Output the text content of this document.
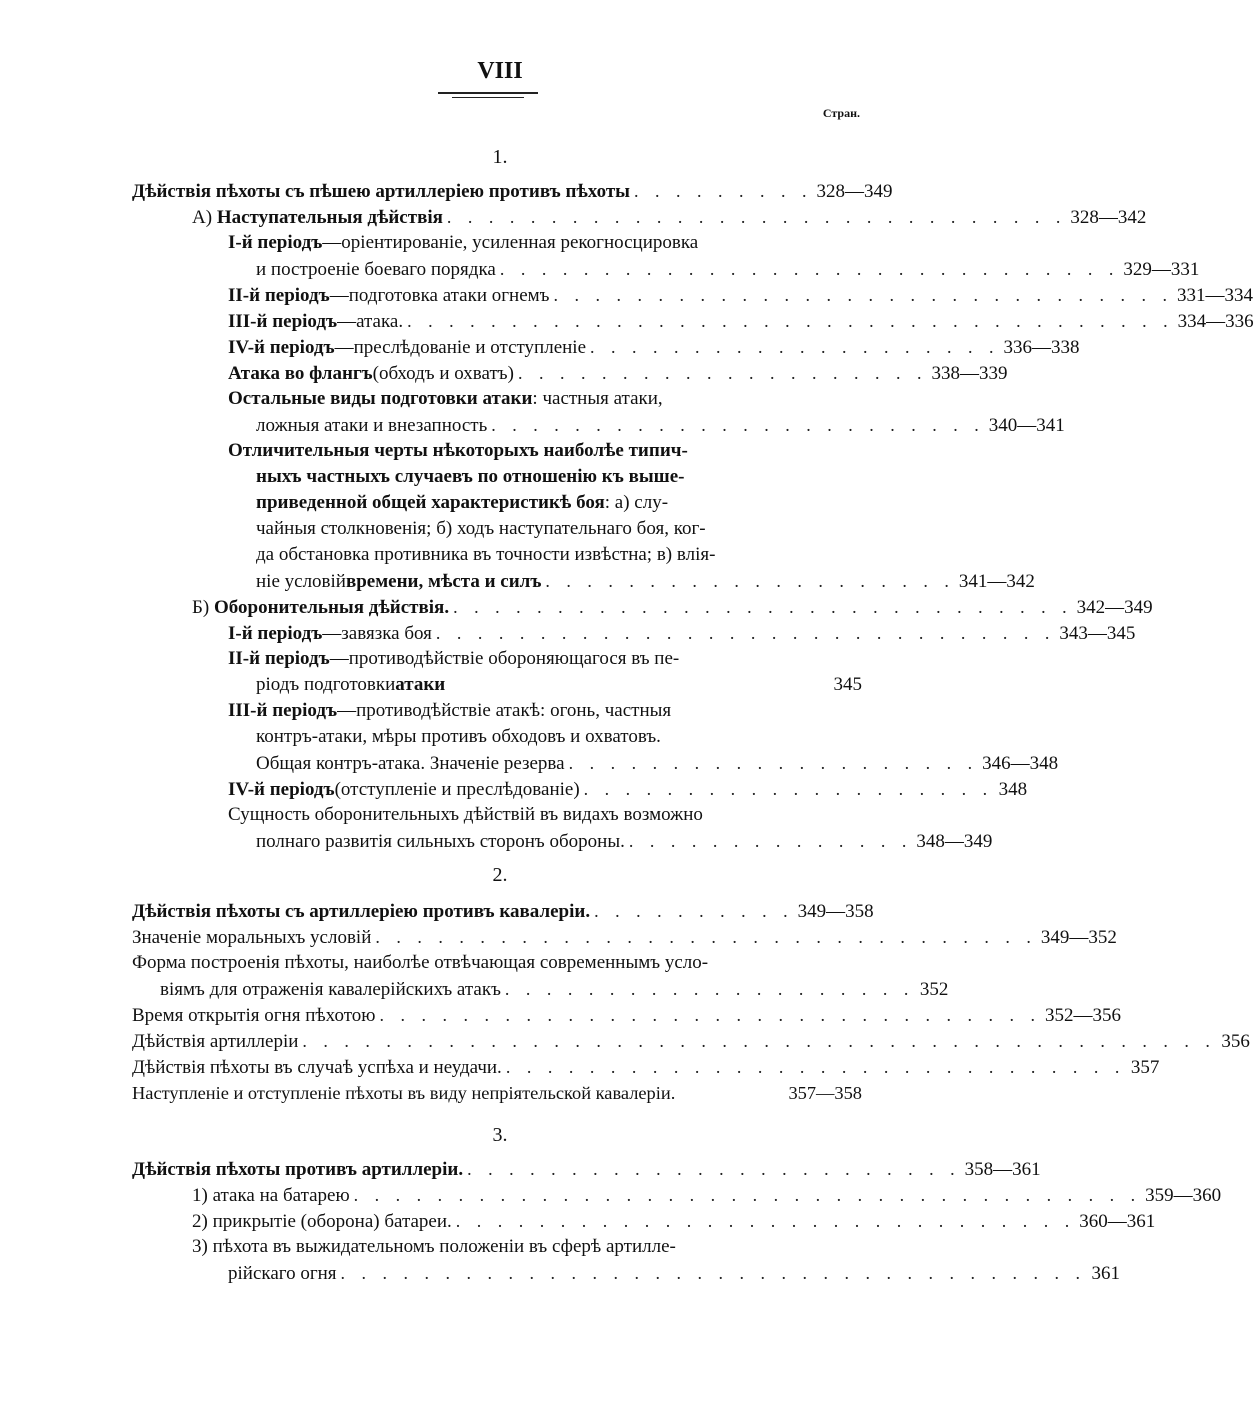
VIII
Стран.
1.
Дѣйствія пѣхоты съ пѣшею артиллеріею противъ пѣхоты . . . . . . . . . 328—349
А)
Наступательныя дѣйствія . . . . . . . . . . . . . . . . . . . . . . . . . . . . . . 328—342
I-й періодъ —оріентированіе, усиленная рекогносцировка
и построеніе боеваго порядка . . . . . . . . . . . . . . . . . . . . . . . . . . . . . . 329—331
II-й періодъ —подготовка атаки огнемъ . . . . . . . . . . . . . . . . . . . . . . . . . . . . . . 331—334
III-й періодъ —атака. . . . . . . . . . . . . . . . . . . . . . . . . . . . . . . . . . . . . . 334—336
IV-й періодъ —преслѣдованіе и отступленіе . . . . . . . . . . . . . . . . . . . . 336—338
Атака во флангъ (обходъ и охватъ) . . . . . . . . . . . . . . . . . . . . 338—339
Остальные виды подготовки атаки : частныя атаки,
ложныя атаки и внезапность . . . . . . . . . . . . . . . . . . . . . . . . 340—341
Отличительныя черты нѣкоторыхъ наиболѣе типич-
ныхъ частныхъ случаевъ по отношенію къ выше-
приведенной общей характеристикѣ боя : а) слу-
чайныя столкновенія; б) ходъ наступательнаго боя, ког-
да обстановка противника въ точности извѣстна; в) влія-
ніе условій времени, мѣста и силъ . . . . . . . . . . . . . . . . . . . . 341—342
Б)
Оборонительныя дѣйствія. . . . . . . . . . . . . . . . . . . . . . . . . . . . . . . 342—349
I-й періодъ —завязка боя . . . . . . . . . . . . . . . . . . . . . . . . . . . . . . 343—345
II-й періодъ —противодѣйствіе обороняющагося въ пе-
ріодъ подготовки атаки	345
III-й періодъ —противодѣйствіе атакѣ: огонь, частныя
контръ-атаки, мѣры противъ обходовъ и охватовъ.
Общая контръ-атака. Значеніе резерва . . . . . . . . . . . . . . . . . . . . 346—348
IV-й періодъ (отступленіе и преслѣдованіе) . . . . . . . . . . . . . . . . . . . . 348
Сущность оборонительныхъ дѣйствій въ видахъ возможно
полнаго развитія сильныхъ сторонъ обороны. . . . . . . . . . . . . . . 348—349
2.
Дѣйствія пѣхоты съ артиллеріею противъ кавалеріи. . . . . . . . . . . 349—358
Значеніе моральныхъ условій . . . . . . . . . . . . . . . . . . . . . . . . . . . . . . . . 349—352
Форма построенія пѣхоты, наиболѣе отвѣчающая современнымъ усло-
віямъ для отраженія кавалерійскихъ атакъ . . . . . . . . . . . . . . . . . . . . 352
Время открытія огня пѣхотою . . . . . . . . . . . . . . . . . . . . . . . . . . . . . . . . 352—356
Дѣйствія артиллеріи . . . . . . . . . . . . . . . . . . . . . . . . . . . . . . . . . . . . . . . . . . . . 356
Дѣйствія пѣхоты въ случаѣ успѣха и неудачи. . . . . . . . . . . . . . . . . . . . . . . . . . . . . . . 357
Наступленіе и отступленіе пѣхоты въ виду непріятельской кавалеріи.	357—358
3.
Дѣйствія пѣхоты противъ артиллеріи. . . . . . . . . . . . . . . . . . . . . . . . . 358—361
1)
атака на батарею . . . . . . . . . . . . . . . . . . . . . . . . . . . . . . . . . . . . . . 359—360
2)
прикрытіе (оборона) батареи. . . . . . . . . . . . . . . . . . . . . . . . . . . . . . . 360—361
3)
пѣхота въ выжидательномъ положеніи въ сферѣ артилле-
рійскаго огня . . . . . . . . . . . . . . . . . . . . . . . . . . . . . . . . . . . . 361
